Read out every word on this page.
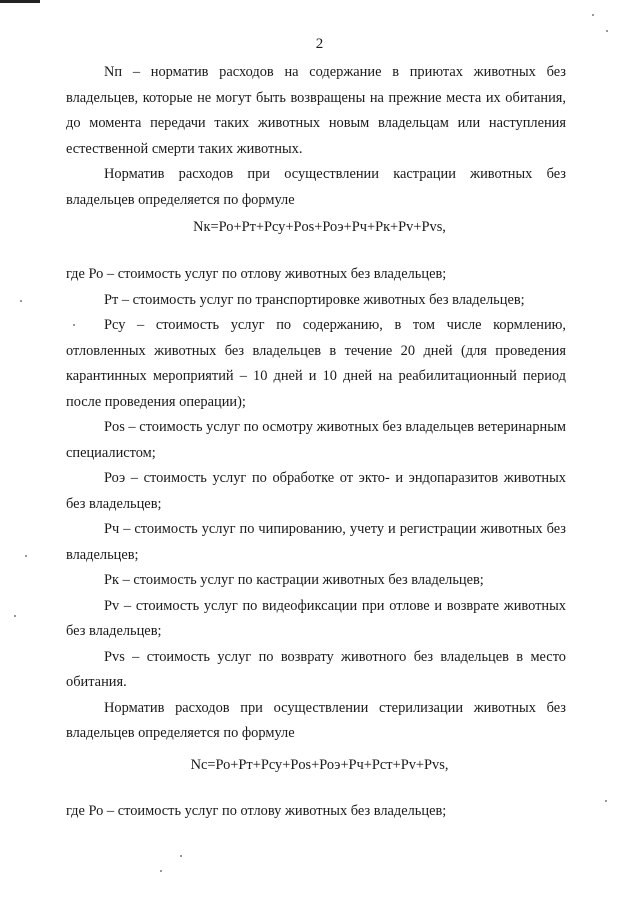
2

Nп – норматив расходов на содержание в приютах животных без владельцев, которые не могут быть возвращены на прежние места их обитания, до момента передачи таких животных новым владельцам или наступления естественной смерти таких животных.

Норматив расходов при осуществлении кастрации животных без владельцев определяется по формуле

Nк=Ро+Рт+Рсу+Рos+Роэ+Рч+Рк+Рv+Рvs,

где Ро – стоимость услуг по отлову животных без владельцев;

Рт – стоимость услуг по транспортировке животных без владельцев;

Рсу – стоимость услуг по содержанию, в том числе кормлению, отловленных животных без владельцев в течение 20 дней (для проведения карантинных мероприятий – 10 дней и 10 дней на реабилитационный период после проведения операции);

Рos – стоимость услуг по осмотру животных без владельцев ветеринарным специалистом;

Роэ – стоимость услуг по обработке от экто- и эндопаразитов животных без владельцев;

Рч – стоимость услуг по чипированию, учету и регистрации животных без владельцев;

Рк – стоимость услуг по кастрации животных без владельцев;

Рv – стоимость услуг по видеофиксации при отлове и возврате животных без владельцев;

Рvs – стоимость услуг по возврату животного без владельцев в место обитания.

Норматив расходов при осуществлении стерилизации животных без владельцев определяется по формуле

Nс=Ро+Рт+Рсу+Рos+Роэ+Рч+Рст+Рv+Рvs,

где Ро – стоимость услуг по отлову животных без владельцев;
